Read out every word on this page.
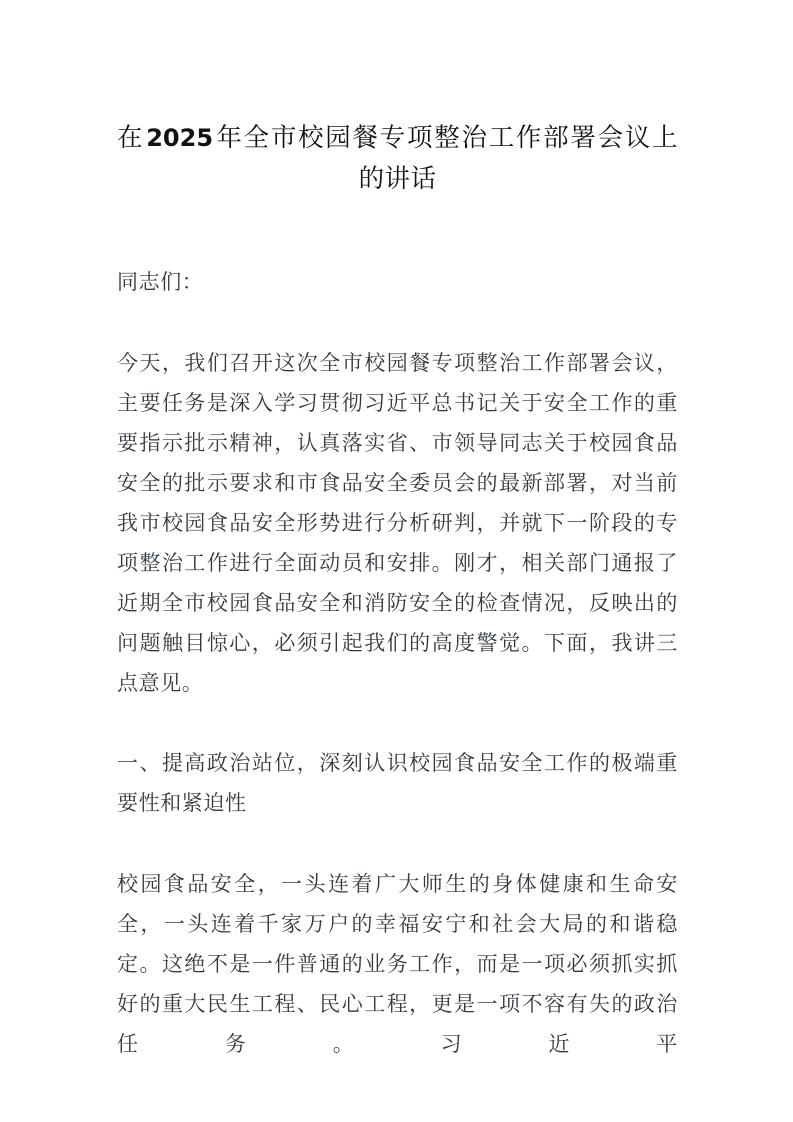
在2025年全市校园餐专项整治工作部署会议上的讲话

同志们：

今天，我们召开这次全市校园餐专项整治工作部署会议，主要任务是深入学习贯彻习近平总书记关于安全工作的重要指示批示精神，认真落实省、市领导同志关于校园食品安全的批示要求和市食品安全委员会的最新部署，对当前我市校园食品安全形势进行分析研判，并就下一阶段的专项整治工作进行全面动员和安排。刚才，相关部门通报了近期全市校园食品安全和消防安全的检查情况，反映出的问题触目惊心，必须引起我们的高度警觉。下面，我讲三点意见。

一、提高政治站位，深刻认识校园食品安全工作的极端重要性和紧迫性

校园食品安全，一头连着广大师生的身体健康和生命安全，一头连着千家万户的幸福安宁和社会大局的和谐稳定。这绝不是一件普通的业务工作，而是一项必须抓实抓好的重大民生工程、民心工程，更是一项不容有失的政治任务。习近平
